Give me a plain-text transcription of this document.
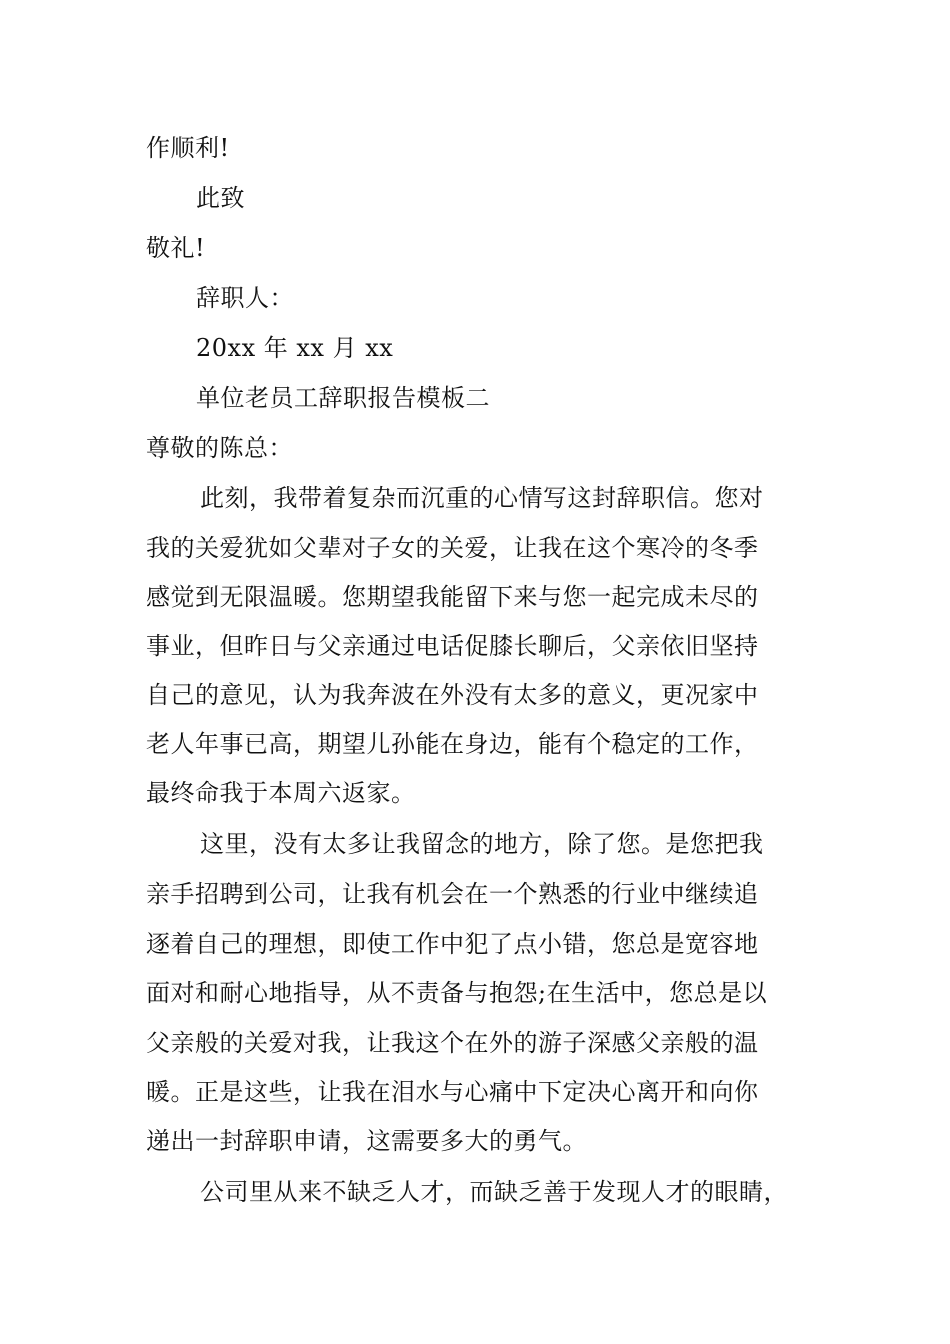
作顺利!
此致
敬礼!
辞职人：
20xx 年 xx 月 xx
单位老员工辞职报告模板二
尊敬的陈总：
此刻，我带着复杂而沉重的心情写这封辞职信。您对
我的关爱犹如父辈对子女的关爱，让我在这个寒冷的冬季
感觉到无限温暖。您期望我能留下来与您一起完成未尽的
事业，但昨日与父亲通过电话促膝长聊后，父亲依旧坚持
自己的意见，认为我奔波在外没有太多的意义，更况家中
老人年事已高，期望儿孙能在身边，能有个稳定的工作，
最终命我于本周六返家。
这里，没有太多让我留念的地方，除了您。是您把我
亲手招聘到公司，让我有机会在一个熟悉的行业中继续追
逐着自己的理想，即使工作中犯了点小错，您总是宽容地
面对和耐心地指导，从不责备与抱怨;在生活中，您总是以
父亲般的关爱对我，让我这个在外的游子深感父亲般的温
暖。正是这些，让我在泪水与心痛中下定决心离开和向你
递出一封辞职申请，这需要多大的勇气。
公司里从来不缺乏人才，而缺乏善于发现人才的眼睛，
